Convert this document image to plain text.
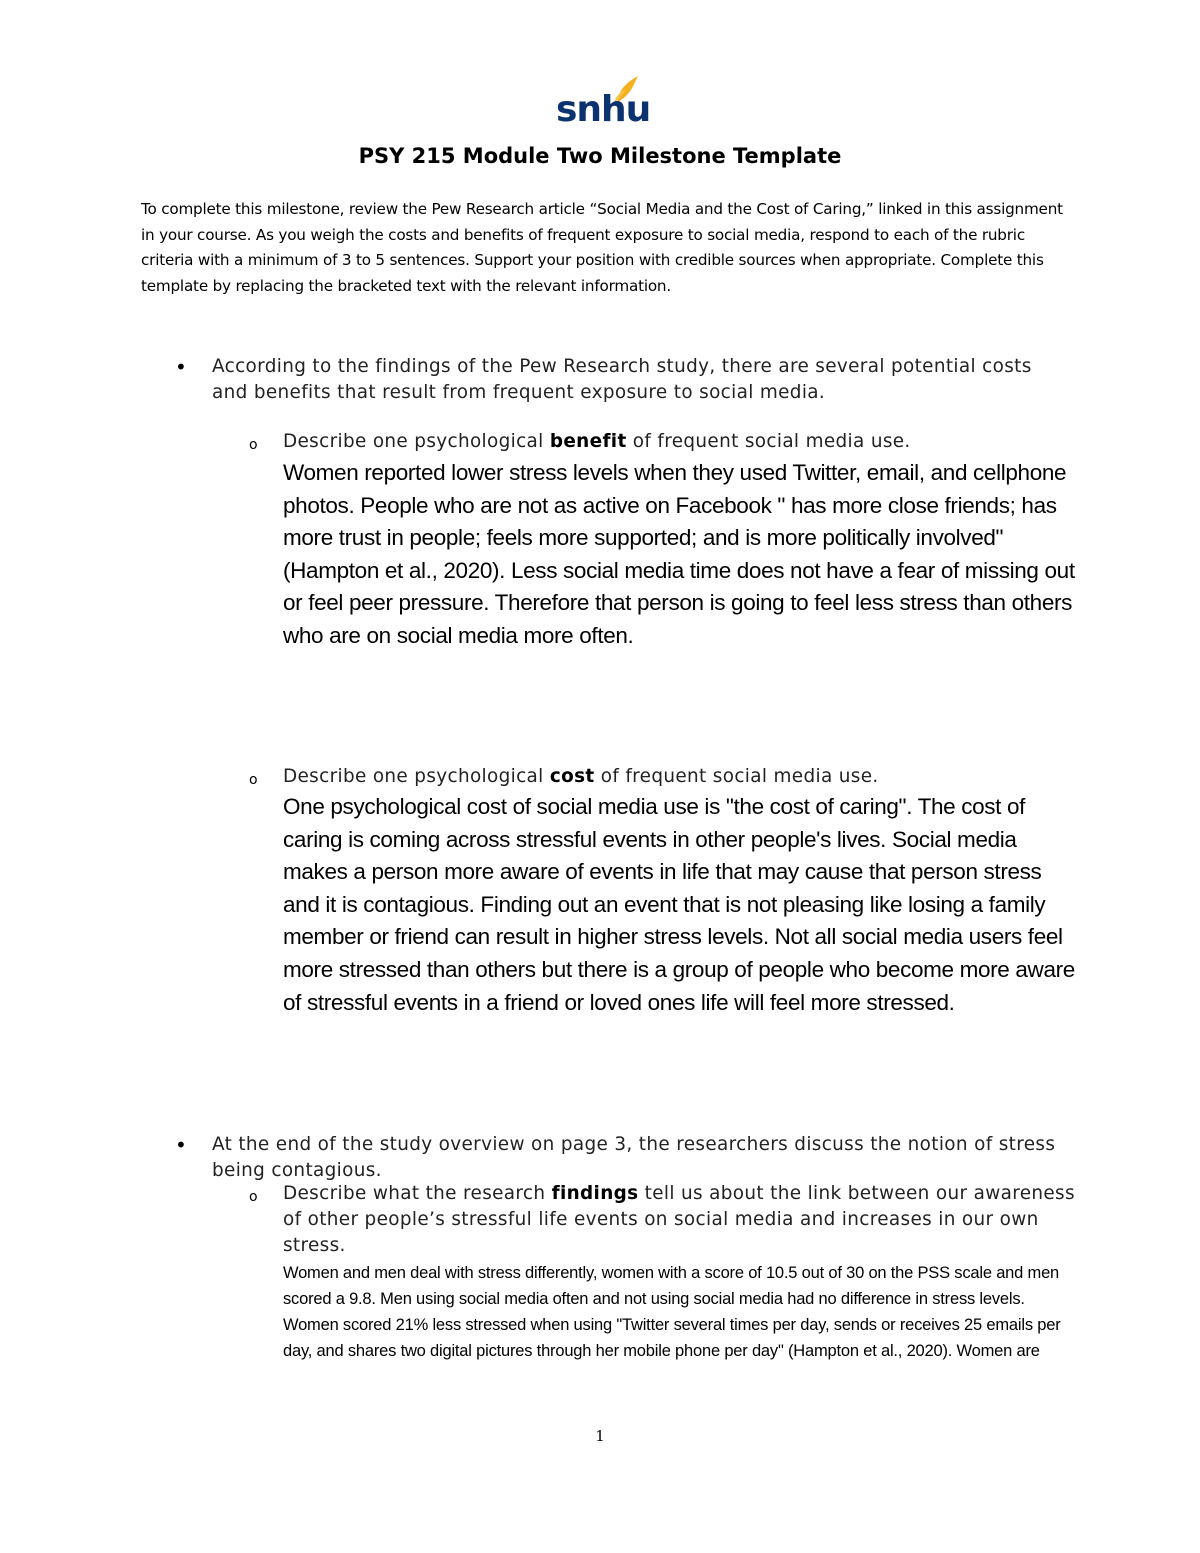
snhu
PSY 215 Module Two Milestone Template
To complete this milestone, review the Pew Research article “Social Media and the Cost of Caring,” linked in this assignment in your course. As you weigh the costs and benefits of frequent exposure to social media, respond to each of the rubric criteria with a minimum of 3 to 5 sentences. Support your position with credible sources when appropriate. Complete this template by replacing the bracketed text with the relevant information.
• According to the findings of the Pew Research study, there are several potential costs and benefits that result from frequent exposure to social media.
o Describe one psychological benefit of frequent social media use.
Women reported lower stress levels when they used Twitter, email, and cellphone photos. People who are not as active on Facebook " has more close friends; has more trust in people; feels more supported; and is more politically involved" (Hampton et al., 2020). Less social media time does not have a fear of missing out or feel peer pressure. Therefore that person is going to feel less stress than others who are on social media more often.
o Describe one psychological cost of frequent social media use.
One psychological cost of social media use is "the cost of caring". The cost of caring is coming across stressful events in other people's lives. Social media makes a person more aware of events in life that may cause that person stress and it is contagious. Finding out an event that is not pleasing like losing a family member or friend can result in higher stress levels. Not all social media users feel more stressed than others but there is a group of people who become more aware of stressful events in a friend or loved ones life will feel more stressed.
• At the end of the study overview on page 3, the researchers discuss the notion of stress being contagious.
o Describe what the research findings tell us about the link between our awareness of other people’s stressful life events on social media and increases in our own stress.
Women and men deal with stress differently, women with a score of 10.5 out of 30 on the PSS scale and men scored a 9.8. Men using social media often and not using social media had no difference in stress levels. Women scored 21% less stressed when using "Twitter several times per day, sends or receives 25 emails per day, and shares two digital pictures through her mobile phone per day" (Hampton et al., 2020). Women are
1
